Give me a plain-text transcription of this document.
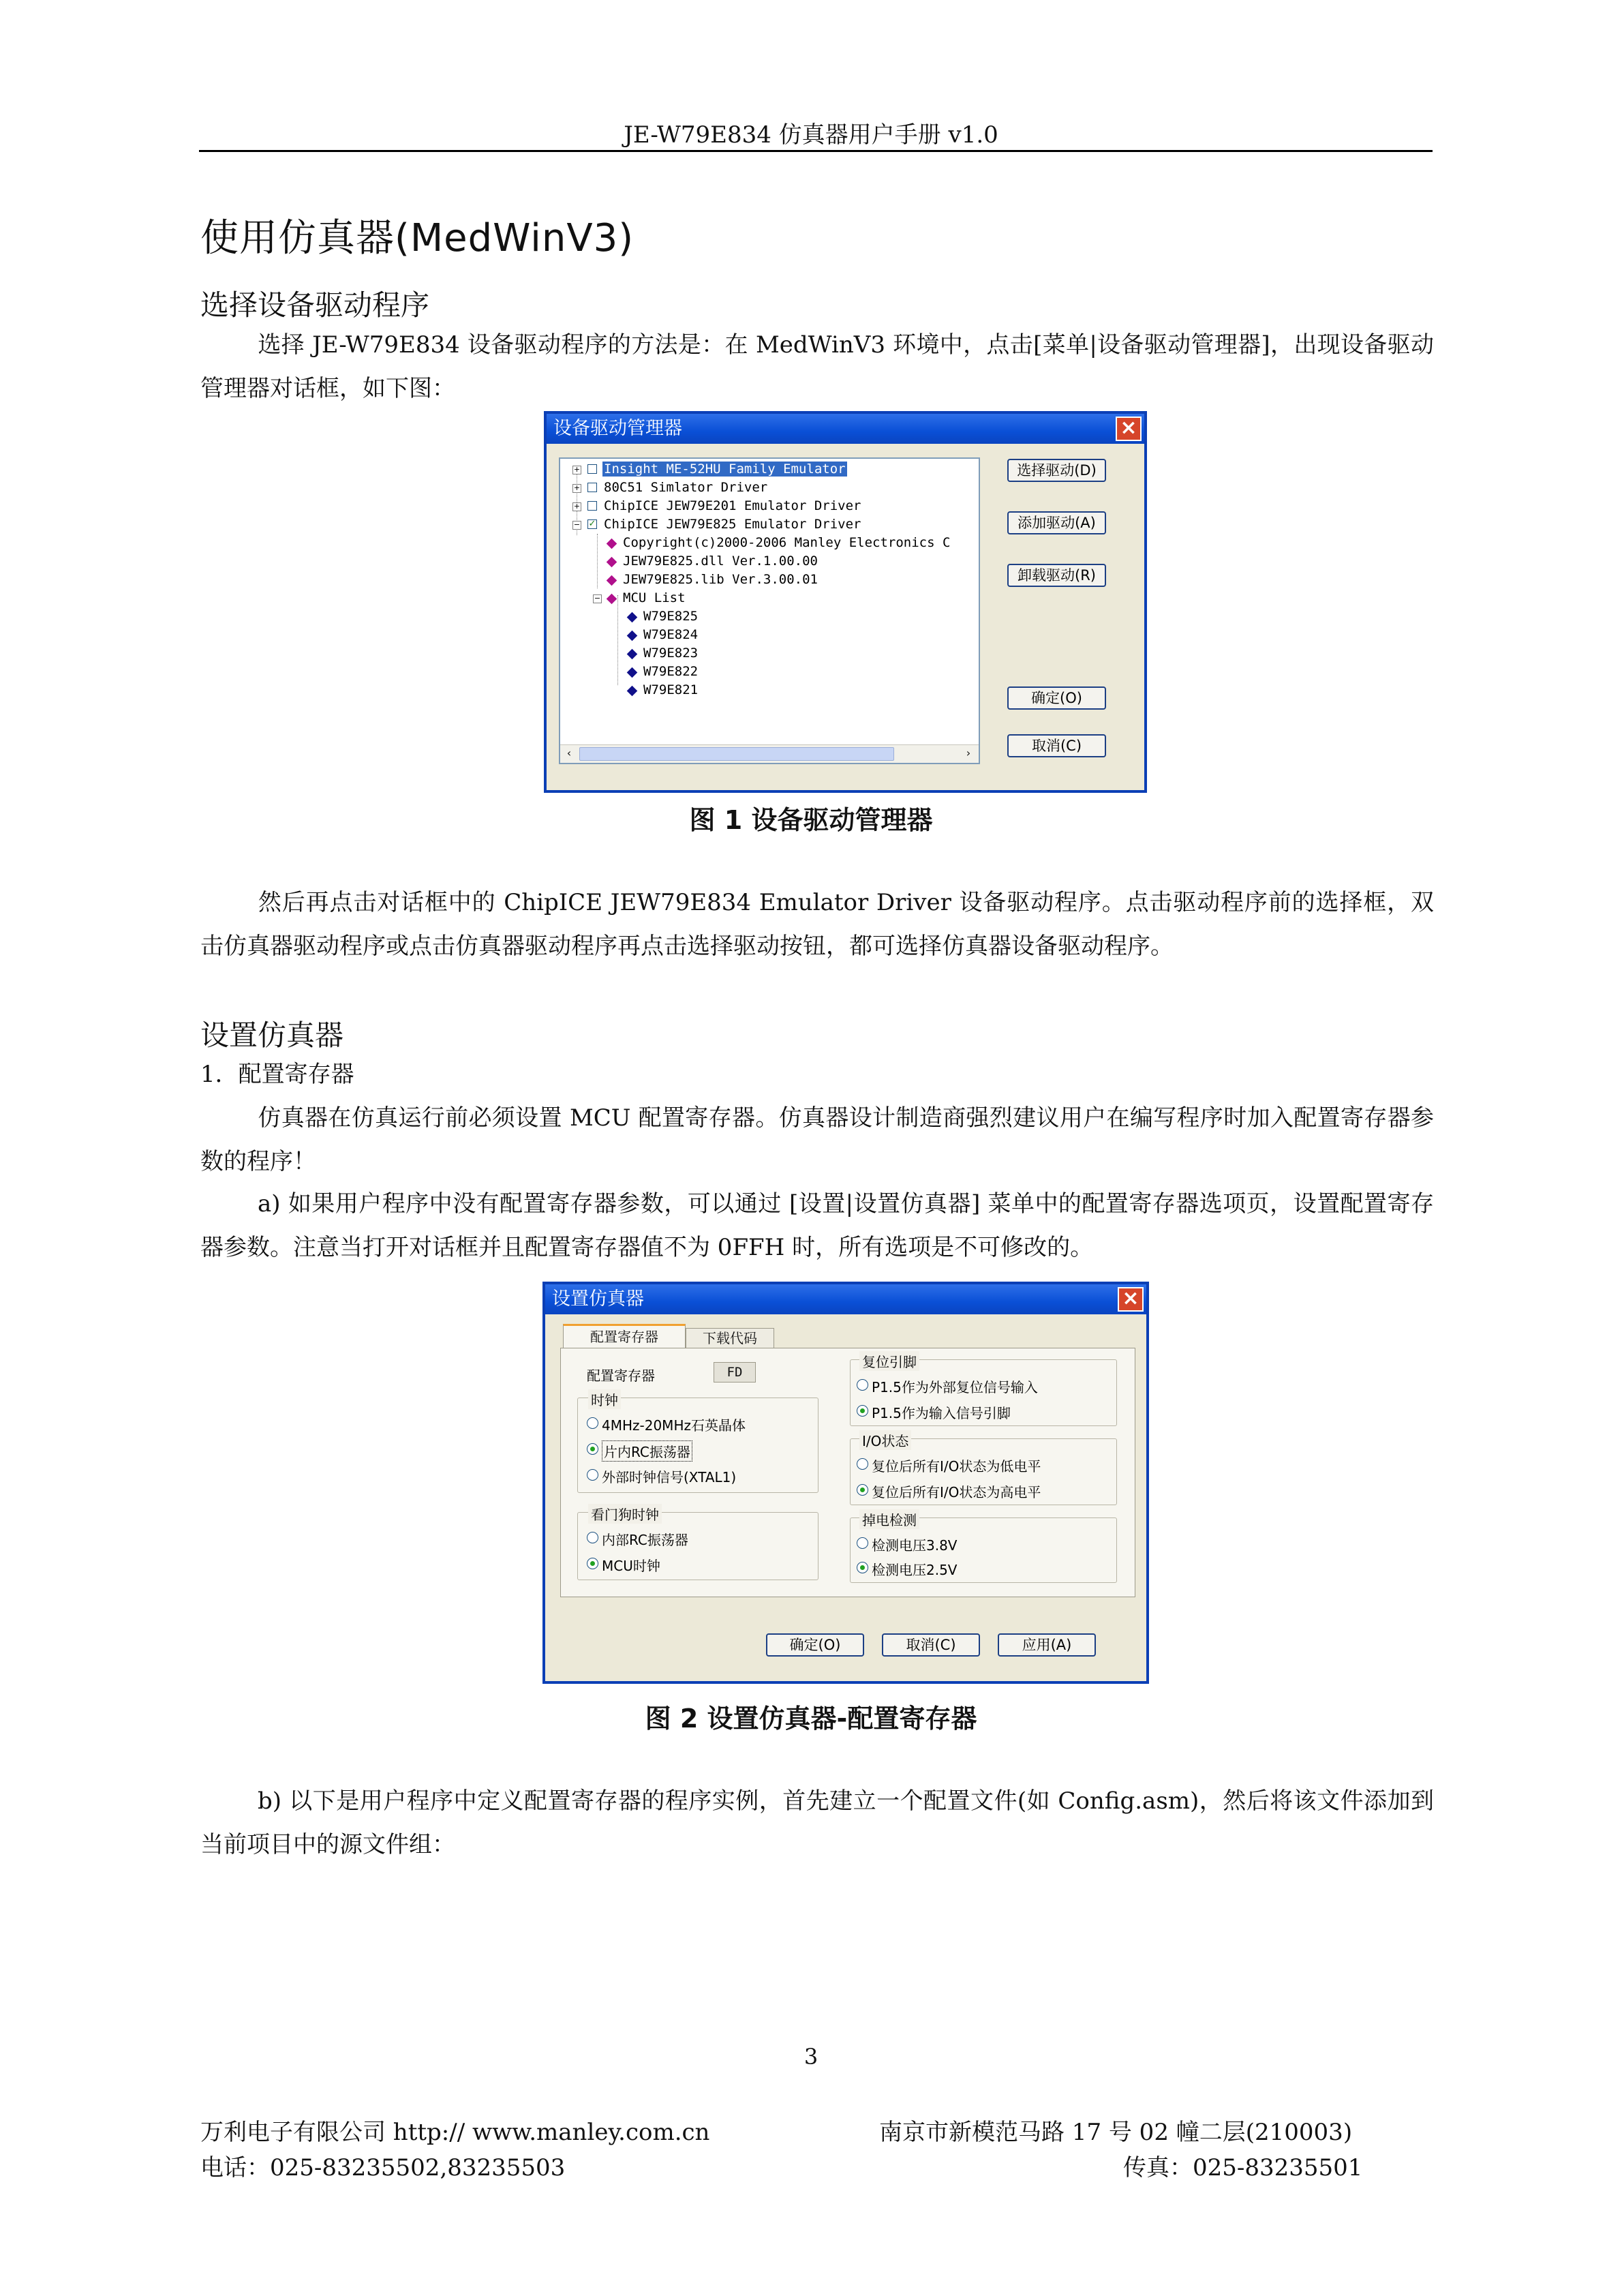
JE-W79E834 仿真器用户手册 v1.0
使用仿真器(MedWinV3)
选择设备驱动程序
选择 JE-W79E834 设备驱动程序的方法是：在 MedWinV3 环境中，点击[菜单|设备驱动管理器]，出现设备驱动管理器对话框，如下图：
设备驱动管理器	×
+ Insight ME-52HU Family Emulator
+ 80C51 Simlator Driver
+ ChipICE JEW79E201 Emulator Driver
− ✓ ChipICE JEW79E825 Emulator Driver
Copyright(c)2000-2006 Manley Electronics C
JEW79E825.dll Ver.1.00.00
JEW79E825.lib Ver.3.00.01
− MCU List
W79E825
W79E824
W79E823
W79E822
W79E821
‹	›
选择驱动(D)
添加驱动(A)
卸载驱动(R)
确定(O)
取消(C)
图 1 设备驱动管理器
然后再点击对话框中的 ChipICE JEW79E834 Emulator Driver 设备驱动程序。点击驱动程序前的选择框，双击仿真器驱动程序或点击仿真器驱动程序再点击选择驱动按钮，都可选择仿真器设备驱动程序。
设置仿真器
1．配置寄存器
仿真器在仿真运行前必须设置 MCU 配置寄存器。仿真器设计制造商强烈建议用户在编写程序时加入配置寄存器参数的程序！
a) 如果用户程序中没有配置寄存器参数，可以通过 [设置|设置仿真器] 菜单中的配置寄存器选项页，设置配置寄存器参数。注意当打开对话框并且配置寄存器值不为 0FFH 时，所有选项是不可修改的。
设置仿真器	×
配置寄存器	下载代码
配置寄存器	FD
时钟
4MHz-20MHz石英晶体
片内RC振荡器
外部时钟信号(XTAL1)
看门狗时钟
内部RC振荡器
MCU时钟
复位引脚
P1.5作为外部复位信号输入
P1.5作为输入信号引脚
I/O状态
复位后所有I/O状态为低电平
复位后所有I/O状态为高电平
掉电检测
检测电压3.8V
检测电压2.5V
确定(O)	取消(C)	应用(A)
图 2 设置仿真器-配置寄存器
b) 以下是用户程序中定义配置寄存器的程序实例，首先建立一个配置文件(如 Config.asm)，然后将该文件添加到当前项目中的源文件组：
3
万利电子有限公司 http:// www.manley.com.cn	南京市新模范马路 17 号 02 幢二层(210003)
电话：025-83235502,83235503	传真：025-83235501
